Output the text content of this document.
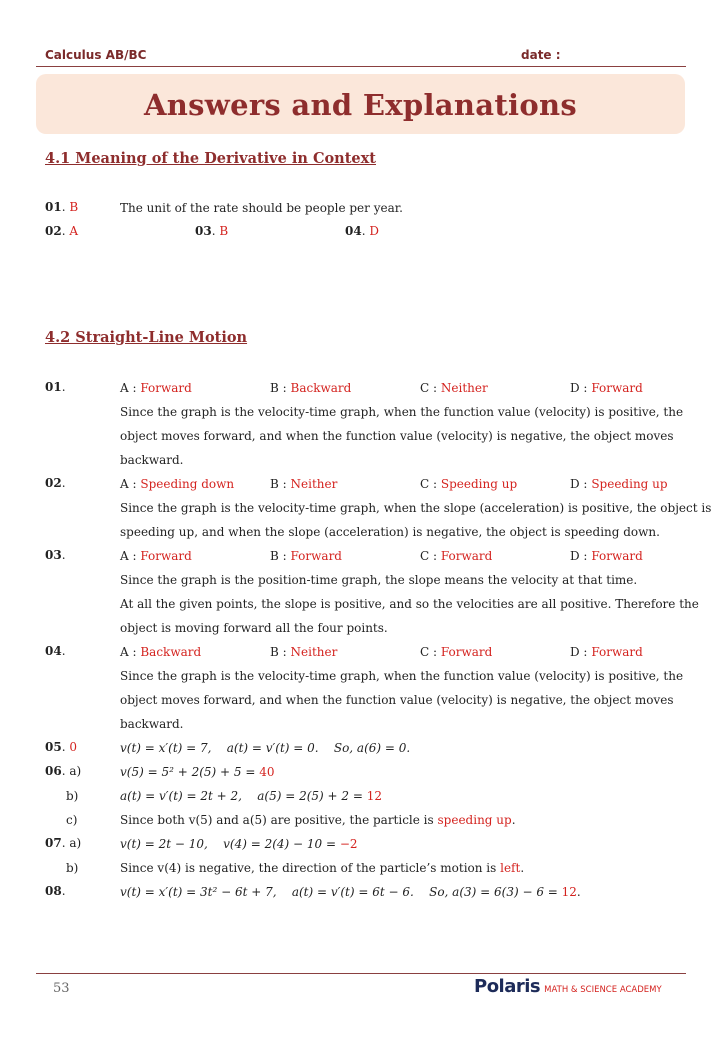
Calculus AB/BC	date :
Answers and Explanations
4.1 Meaning of the Derivative in Context
01. B	The unit of the rate should be people per year.
02. A	03. B	04. D
4.2 Straight-Line Motion
01.	A : Forward	B : Backward	C : Neither	D : Forward
Since the graph is the velocity-time graph, when the function value (velocity) is positive, the
object moves forward, and when the function value (velocity) is negative, the object moves
backward.
02.	A : Speeding down	B : Neither	C : Speeding up	D : Speeding up
Since the graph is the velocity-time graph, when the slope (acceleration) is positive, the object is
speeding up, and when the slope (acceleration) is negative, the object is speeding down.
03.	A : Forward	B : Forward	C : Forward	D : Forward
Since the graph is the position-time graph, the slope means the velocity at that time.
At all the given points, the slope is positive, and so the velocities are all positive. Therefore the
object is moving forward all the four points.
04.	A : Backward	B : Neither	C : Forward	D : Forward
Since the graph is the velocity-time graph, when the function value (velocity) is positive, the
object moves forward, and when the function value (velocity) is negative, the object moves
backward.
05. 0	v(t) = x′(t) = 7, a(t) = v′(t) = 0. So, a(6) = 0.
06. a)	v(5) = 5² + 2(5) + 5 = 40
b)	a(t) = v′(t) = 2t + 2, a(5) = 2(5) + 2 = 12
c)	Since both v(5) and a(5) are positive, the particle is speeding up.
07. a)	v(t) = 2t − 10, v(4) = 2(4) − 10 = −2
b)	Since v(4) is negative, the direction of the particle’s motion is left.
08.	v(t) = x′(t) = 3t² − 6t + 7, a(t) = v′(t) = 6t − 6. So, a(3) = 6(3) − 6 = 12.
53	Polaris MATH & SCIENCE ACADEMY
